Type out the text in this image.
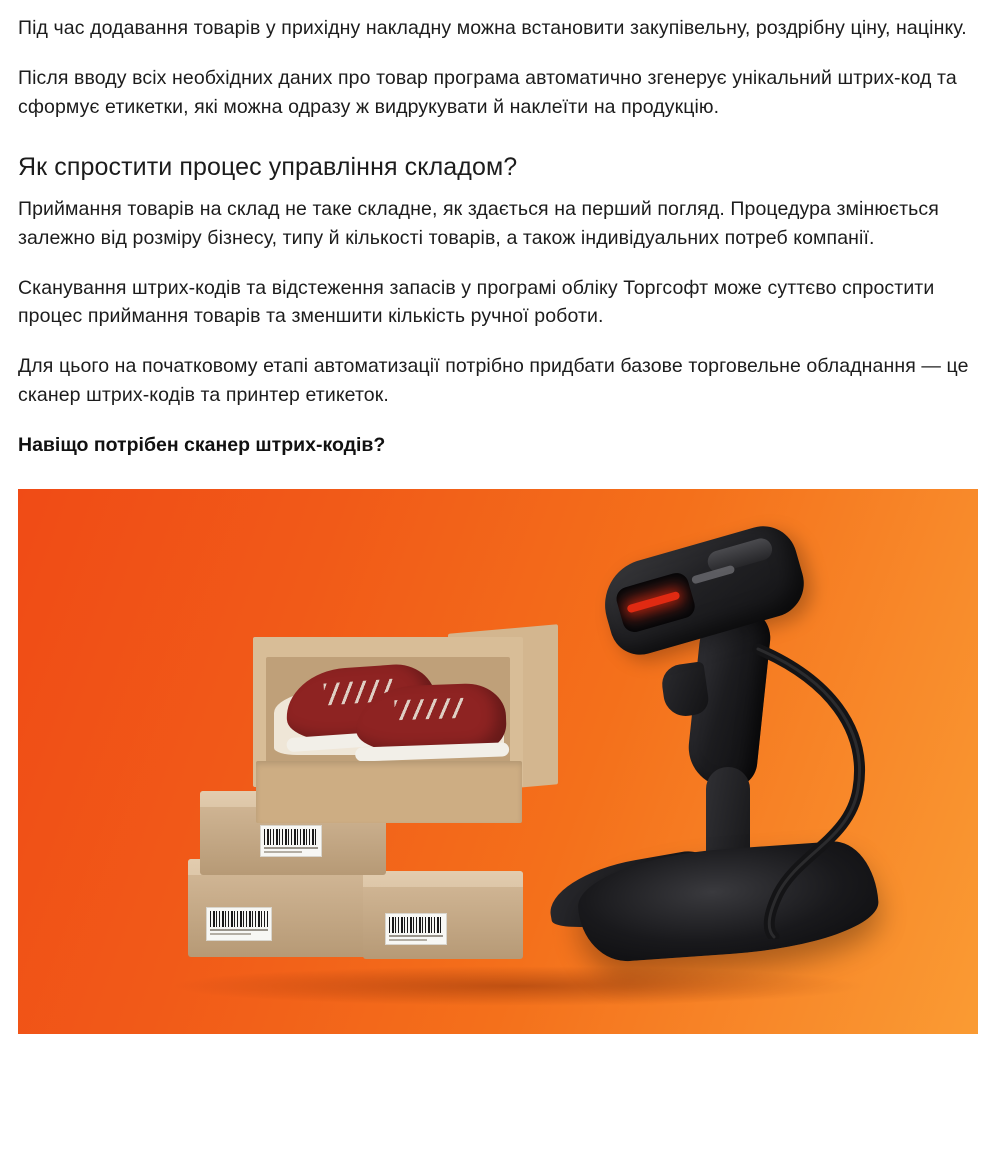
Під час додавання товарів у прихідну накладну можна встановити закупівельну, роздрібну ціну, націнку.

Після вводу всіх необхідних даних про товар програма автоматично згенерує унікальний штрих-код та сформує етикетки, які можна одразу ж видрукувати й наклеїти на продукцію.

Як спростити процес управління складом?

Приймання товарів на склад не таке складне, як здається на перший погляд. Процедура змінюється залежно від розміру бізнесу, типу й кількості товарів, а також індивідуальних потреб компанії.

Сканування штрих-кодів та відстеження запасів у програмі обліку Торгсофт може суттєво спростити процес приймання товарів та зменшити кількість ручної роботи.

Для цього на початковому етапі автоматизації потрібно придбати базове торговельне обладнання — це сканер штрих-кодів та принтер етикеток.

Навіщо потрібен сканер штрих-кодів?
